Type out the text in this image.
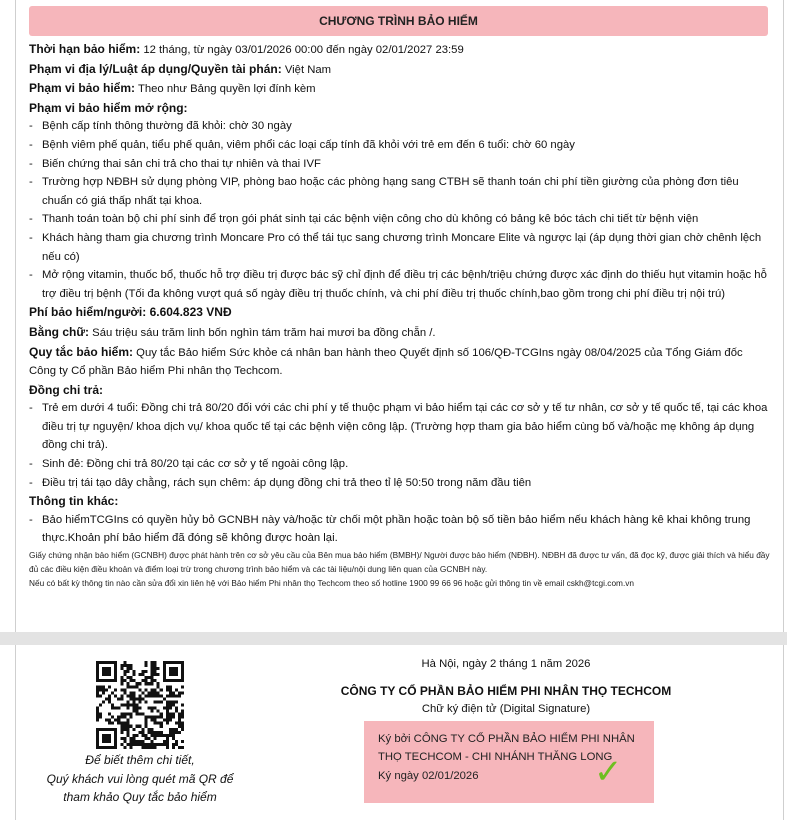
CHƯƠNG TRÌNH BẢO HIỂM

Thời hạn bảo hiểm: 12 tháng, từ ngày 03/01/2026 00:00 đến ngày 02/01/2027 23:59

Phạm vi địa lý/Luật áp dụng/Quyền tài phán: Việt Nam

Phạm vi bảo hiểm: Theo như Bảng quyền lợi đính kèm

Phạm vi bảo hiểm mở rộng:

- Bệnh cấp tính thông thường đã khỏi: chờ 30 ngày
- Bệnh viêm phế quản, tiểu phế quản, viêm phổi các loại cấp tính đã khỏi với trẻ em đến 6 tuổi: chờ 60 ngày
- Biến chứng thai sản chi trả cho thai tự nhiên và thai IVF
- Trường hợp NĐBH sử dụng phòng VIP, phòng bao hoặc các phòng hạng sang CTBH sẽ thanh toán chi phí tiền giường của phòng đơn tiêu chuẩn có giá thấp nhất tại khoa.
- Thanh toán toàn bộ chi phí sinh để trọn gói phát sinh tại các bệnh viện công cho dù không có bảng kê bóc tách chi tiết từ bệnh viện
- Khách hàng tham gia chương trình Moncare Pro có thể tái tục sang chương trình Moncare Elite và ngược lại (áp dụng thời gian chờ chênh lệch nếu có)
- Mở rộng vitamin, thuốc bổ, thuốc hỗ trợ điều trị được bác sỹ chỉ định để điều trị các bệnh/triệu chứng được xác định do thiếu hụt vitamin hoặc hỗ trợ điều trị bệnh (Tối đa không vượt quá số ngày điều trị thuốc chính, và chi phí điều trị thuốc chính,bao gồm trong chi phí điều trị nội trú)

Phí bảo hiểm/người: 6.604.823 VNĐ

Bằng chữ: Sáu triệu sáu trăm linh bốn nghìn tám trăm hai mươi ba đồng chẵn /.

Quy tắc bảo hiểm: Quy tắc Bảo hiểm Sức khỏe cá nhân ban hành theo Quyết định số 106/QĐ-TCGIns ngày 08/04/2025 của Tổng Giám đốc Công ty Cổ phần Bảo hiểm Phi nhân thọ Techcom.

Đồng chi trả:

- Trẻ em dưới 4 tuổi: Đồng chi trả 80/20 đối với các chi phí y tế thuộc phạm vi bảo hiểm tại các cơ sở y tế tư nhân, cơ sở y tế quốc tế, tại các khoa điều trị tự nguyện/ khoa dịch vụ/ khoa quốc tế tại các bệnh viện công lập. (Trường hợp tham gia bảo hiểm cùng bố và/hoặc mẹ không áp dụng đồng chi trả).
- Sinh đẻ: Đồng chi trả 80/20 tại các cơ sở y tế ngoài công lập.
- Điều trị tái tạo dây chằng, rách sụn chêm: áp dụng đồng chi trả theo tỉ lệ 50:50 trong năm đầu tiên

Thông tin khác:

- Bảo hiểmTCGIns có quyền hủy bỏ GCNBH này và/hoặc từ chối một phần hoặc toàn bộ số tiền bảo hiểm nếu khách hàng kê khai không trung thực.Khoản phí bảo hiểm đã đóng sẽ không được hoàn lại.

Giấy chứng nhận bảo hiểm (GCNBH) được phát hành trên cơ sở yêu cầu của Bên mua bảo hiểm (BMBH)/ Người được bảo hiểm (NĐBH). NĐBH đã được tư vấn, đã đọc kỹ, được giải thích và hiểu đầy đủ các điều kiện điều khoản và điểm loại trừ trong chương trình bảo hiểm và các tài liệu/nội dung liên quan của GCNBH này.

Nếu có bất kỳ thông tin nào cần sửa đổi xin liên hệ với Bảo hiểm Phi nhân thọ Techcom theo số hotline 1900 99 66 96 hoặc gửi thông tin về email cskh@tcgi.com.vn

Để biết thêm chi tiết,
Quý khách vui lòng quét mã QR để
tham khảo Quy tắc bảo hiểm
Hà Nội, ngày 2 tháng 1 năm 2026
CÔNG TY CỔ PHẦN BẢO HIỂM PHI NHÂN THỌ TECHCOM
Chữ ký điện tử (Digital Signature)
Ký bởi CÔNG TY CỔ PHẦN BẢO HIỂM PHI NHÂN THỌ TECHCOM - CHI NHÁNH THĂNG LONG
Ký ngày 02/01/2026	✓
